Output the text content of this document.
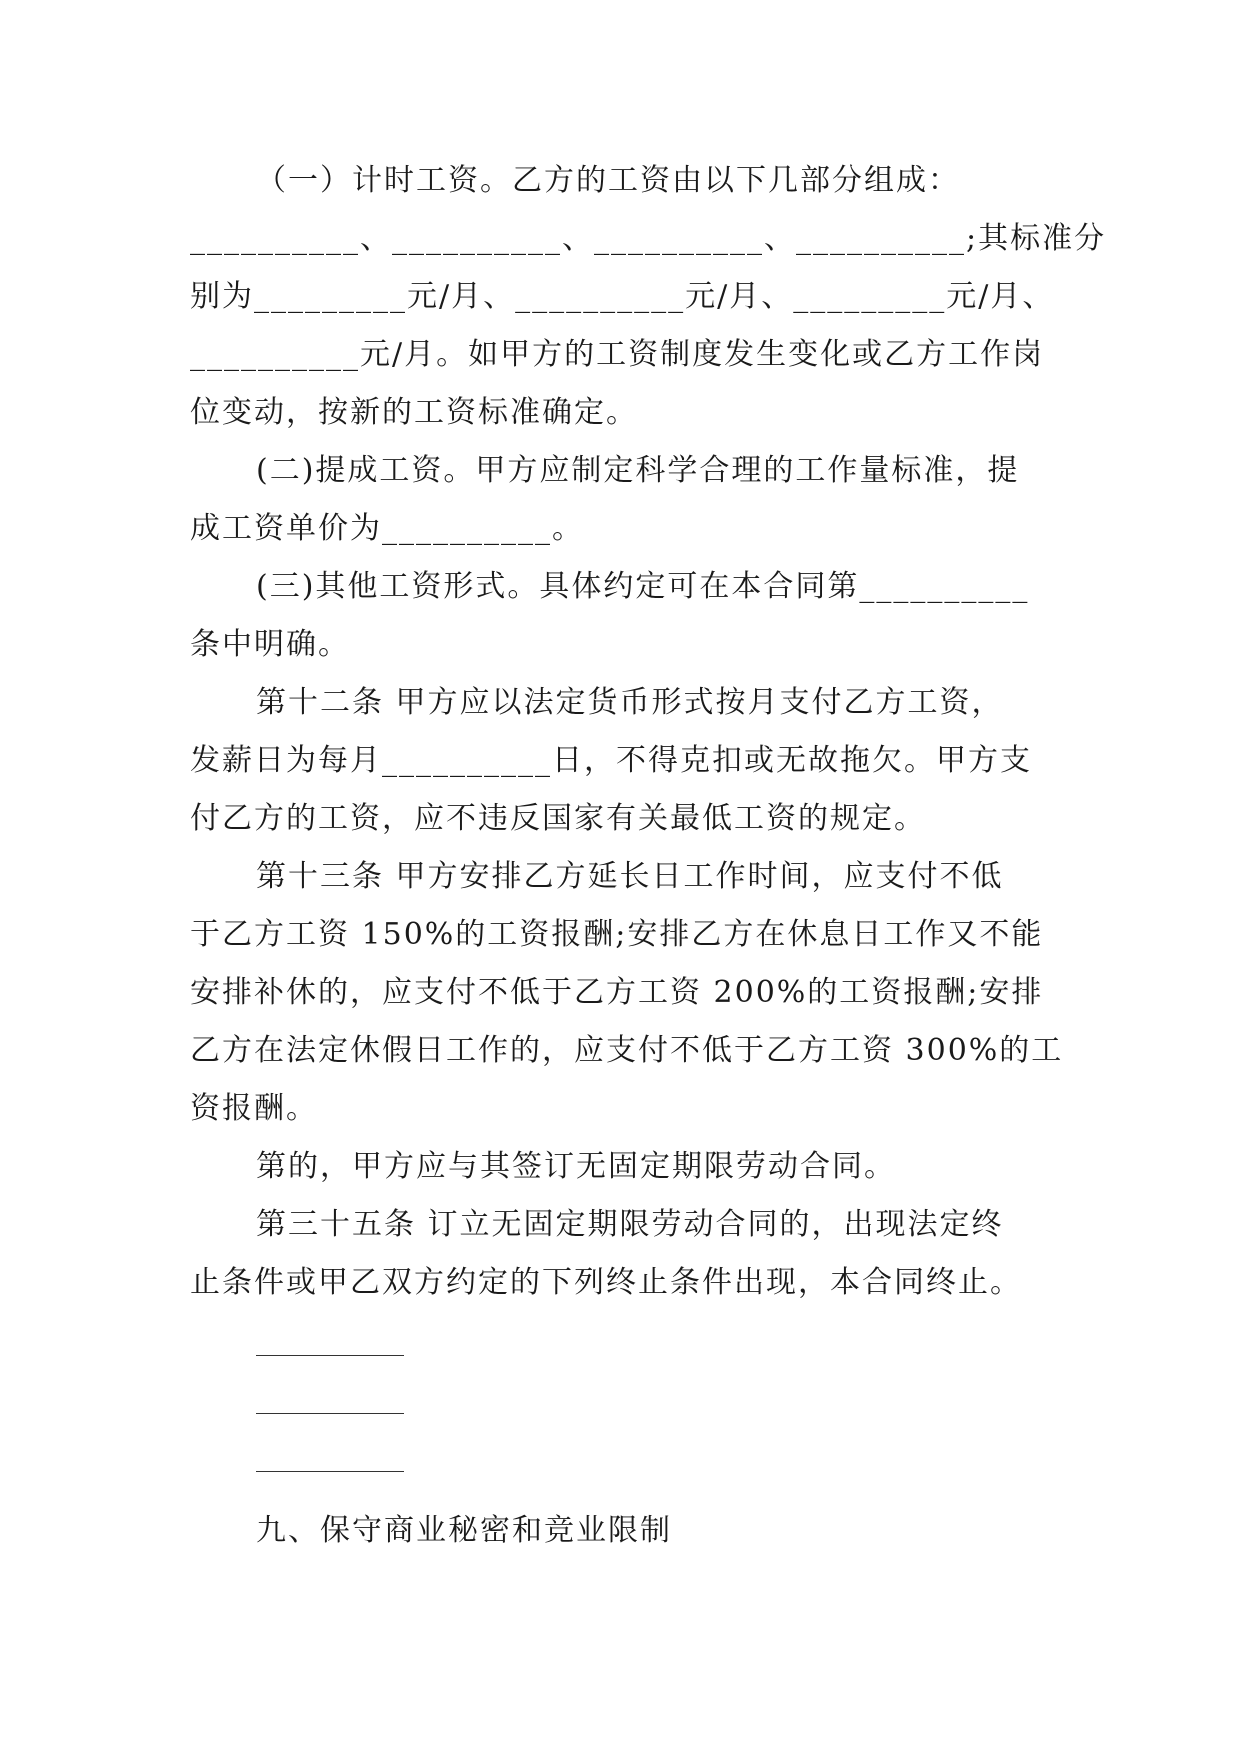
（一）计时工资。乙方的工资由以下几部分组成：
__________、__________、__________、__________;其标准分
别为_________元/月、__________元/月、_________元/月、
__________元/月。如甲方的工资制度发生变化或乙方工作岗
位变动，按新的工资标准确定。
(二)提成工资。甲方应制定科学合理的工作量标准，提
成工资单价为__________。
(三)其他工资形式。具体约定可在本合同第__________
条中明确。
第十二条 甲方应以法定货币形式按月支付乙方工资，
发薪日为每月__________日，不得克扣或无故拖欠。甲方支
付乙方的工资，应不违反国家有关最低工资的规定。
第十三条 甲方安排乙方延长日工作时间，应支付不低
于乙方工资 150%的工资报酬;安排乙方在休息日工作又不能
安排补休的，应支付不低于乙方工资 200%的工资报酬;安排
乙方在法定休假日工作的，应支付不低于乙方工资 300%的工
资报酬。
第的，甲方应与其签订无固定期限劳动合同。
第三十五条 订立无固定期限劳动合同的，出现法定终
止条件或甲乙双方约定的下列终止条件出现，本合同终止。
九、保守商业秘密和竞业限制
